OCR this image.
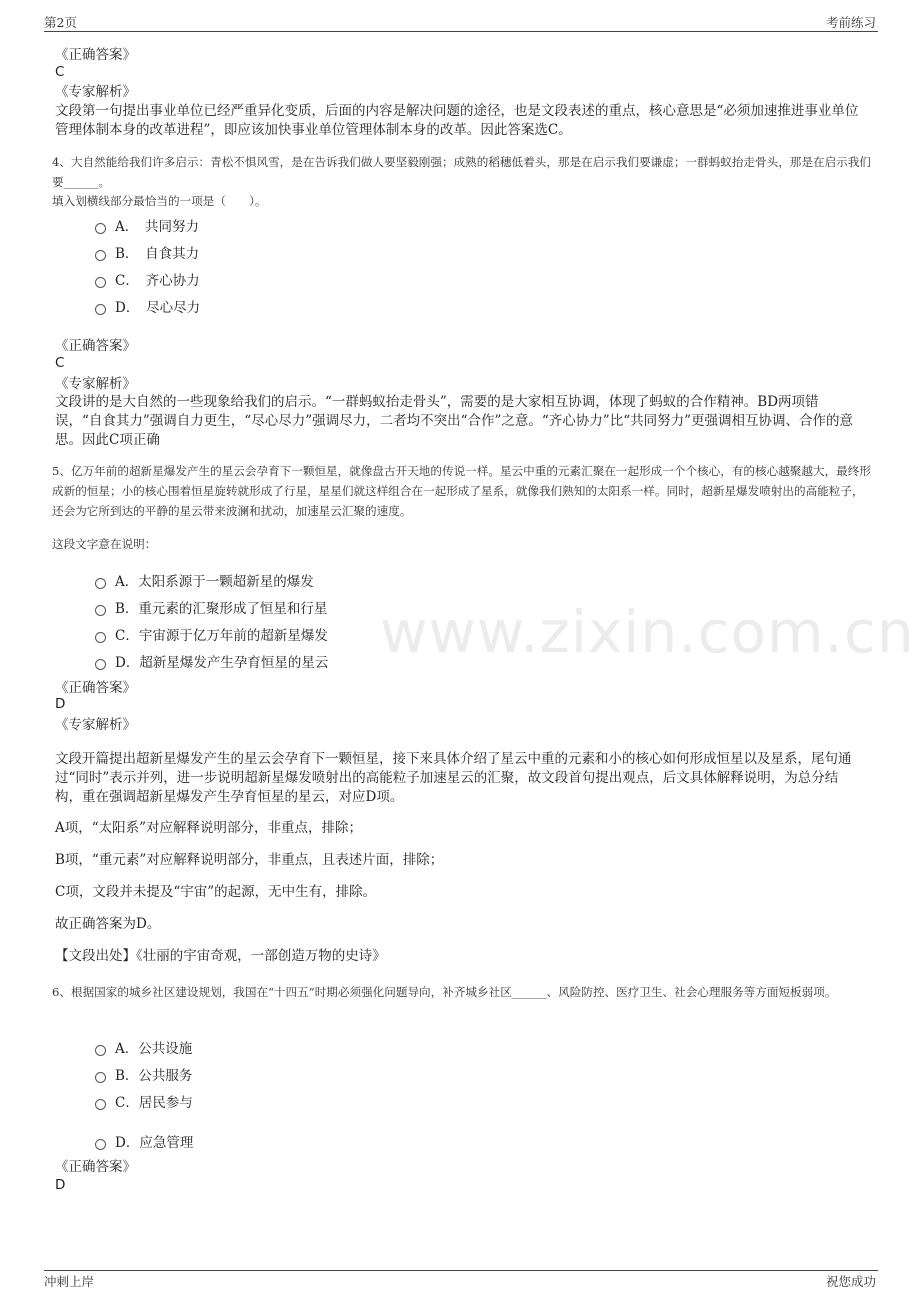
第2页	考前练习
www.zixin.com.cn
《正确答案》
C
《专家解析》
文段第一句提出事业单位已经严重异化变质，后面的内容是解决问题的途径，也是文段表述的重点，核心意思是“必须加速推进事业单位管理体制本身的改革进程”，即应该加快事业单位管理体制本身的改革。因此答案选C。
4、大自然能给我们许多启示：青松不惧风雪，是在告诉我们做人要坚毅刚强；成熟的稻穗低着头，那是在启示我们要谦虚；一群蚂蚁抬走骨头，那是在启示我们要______。
填入划横线部分最恰当的一项是（　　）。
A．　共同努力
B．　自食其力
C．　齐心协力
D．　尽心尽力
《正确答案》
C
《专家解析》
文段讲的是大自然的一些现象给我们的启示。“一群蚂蚁抬走骨头”，需要的是大家相互协调，体现了蚂蚁的合作精神。BD两项错误，“自食其力”强调自力更生，“尽心尽力”强调尽力，二者均不突出“合作”之意。“齐心协力”比“共同努力”更强调相互协调、合作的意思。因此C项正确
5、亿万年前的超新星爆发产生的星云会孕育下一颗恒星，就像盘古开天地的传说一样。星云中重的元素汇聚在一起形成一个个核心，有的核心越聚越大，最终形成新的恒星；小的核心围着恒星旋转就形成了行星，星星们就这样组合在一起形成了星系，就像我们熟知的太阳系一样。同时，超新星爆发喷射出的高能粒子，还会为它所到达的平静的星云带来波澜和扰动，加速星云汇聚的速度。
这段文字意在说明：
A．太阳系源于一颗超新星的爆发
B．重元素的汇聚形成了恒星和行星
C．宇宙源于亿万年前的超新星爆发
D．超新星爆发产生孕育恒星的星云
《正确答案》
D
《专家解析》
文段开篇提出超新星爆发产生的星云会孕育下一颗恒星，接下来具体介绍了星云中重的元素和小的核心如何形成恒星以及星系，尾句通过“同时”表示并列，进一步说明超新星爆发喷射出的高能粒子加速星云的汇聚，故文段首句提出观点，后文具体解释说明，为总分结构，重在强调超新星爆发产生孕育恒星的星云，对应D项。
A项，“太阳系”对应解释说明部分，非重点，排除；
B项，“重元素”对应解释说明部分，非重点，且表述片面，排除；
C项，文段并未提及“宇宙”的起源，无中生有，排除。
故正确答案为D。
【文段出处】《壮丽的宇宙奇观，一部创造万物的史诗》
6、根据国家的城乡社区建设规划，我国在“十四五”时期必须强化问题导向，补齐城乡社区______、风险防控、医疗卫生、社会心理服务等方面短板弱项。
A．公共设施
B．公共服务
C．居民参与
D．应急管理
《正确答案》
D
冲刺上岸	祝您成功
